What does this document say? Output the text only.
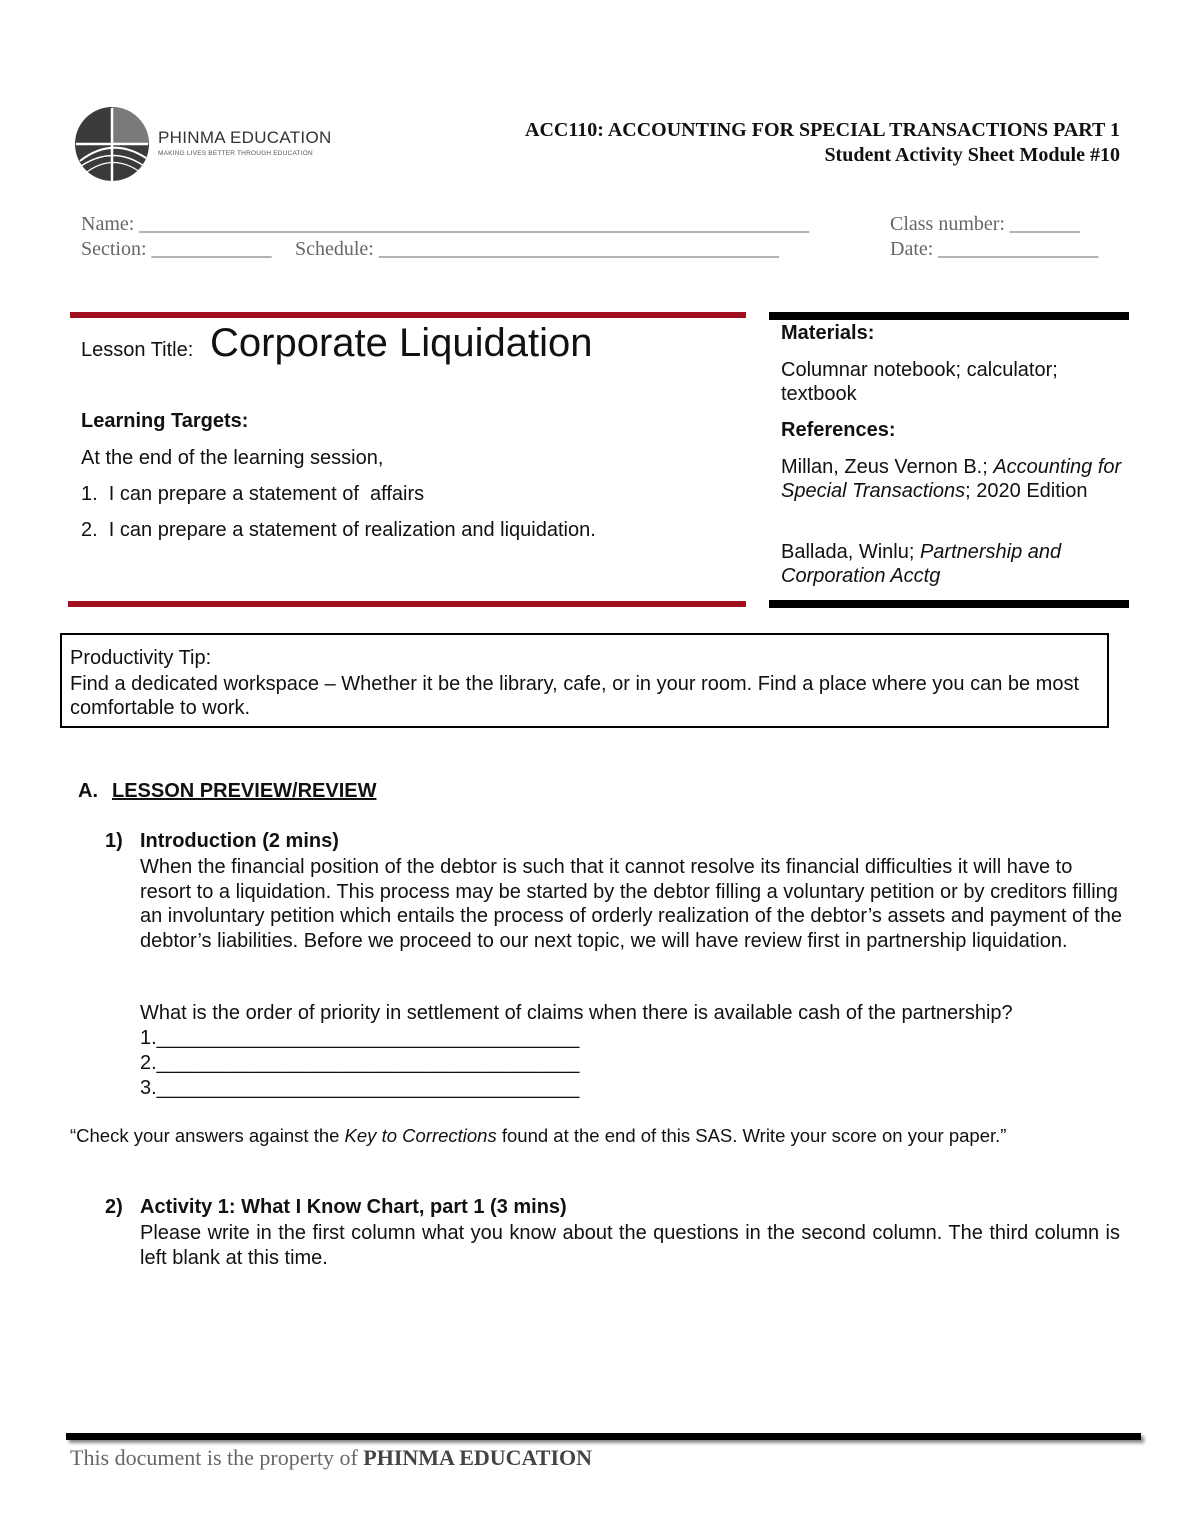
PHINMA EDUCATION
MAKING LIVES BETTER THROUGH EDUCATION
ACC110: ACCOUNTING FOR SPECIAL TRANSACTIONS PART 1
Student Activity Sheet Module #10
Name: ___________________________________________________________________
Section: ____________ Schedule: ________________________________________
Class number: _______
Date: ________________
Lesson Title: Corporate Liquidation
Learning Targets:
At the end of the learning session,
1.  I can prepare a statement of  affairs
2.  I can prepare a statement of realization and liquidation.
Materials:
Columnar notebook; calculator; textbook
References:
Millan, Zeus Vernon B.; Accounting for Special Transactions; 2020 Edition
Ballada, Winlu; Partnership and Corporation Acctg
Productivity Tip:
Find a dedicated workspace – Whether it be the library, cafe, or in your room. Find a place where you can be most comfortable to work.
A. LESSON PREVIEW/REVIEW
1) Introduction (2 mins)
When the financial position of the debtor is such that it cannot resolve its financial difficulties it will have to resort to a liquidation. This process may be started by the debtor filling a voluntary petition or by creditors filling an involuntary petition which entails the process of orderly realization of the debtor’s assets and payment of the debtor’s liabilities. Before we proceed to our next topic, we will have review first in partnership liquidation.
What is the order of priority in settlement of claims when there is available cash of the partnership?
1.______________________________________
2.______________________________________
3.______________________________________
“Check your answers against the Key to Corrections found at the end of this SAS. Write your score on your paper.”
2) Activity 1: What I Know Chart, part 1 (3 mins)
Please write in the first column what you know about the questions in the second column. The third column is left blank at this time.
This document is the property of PHINMA EDUCATION
